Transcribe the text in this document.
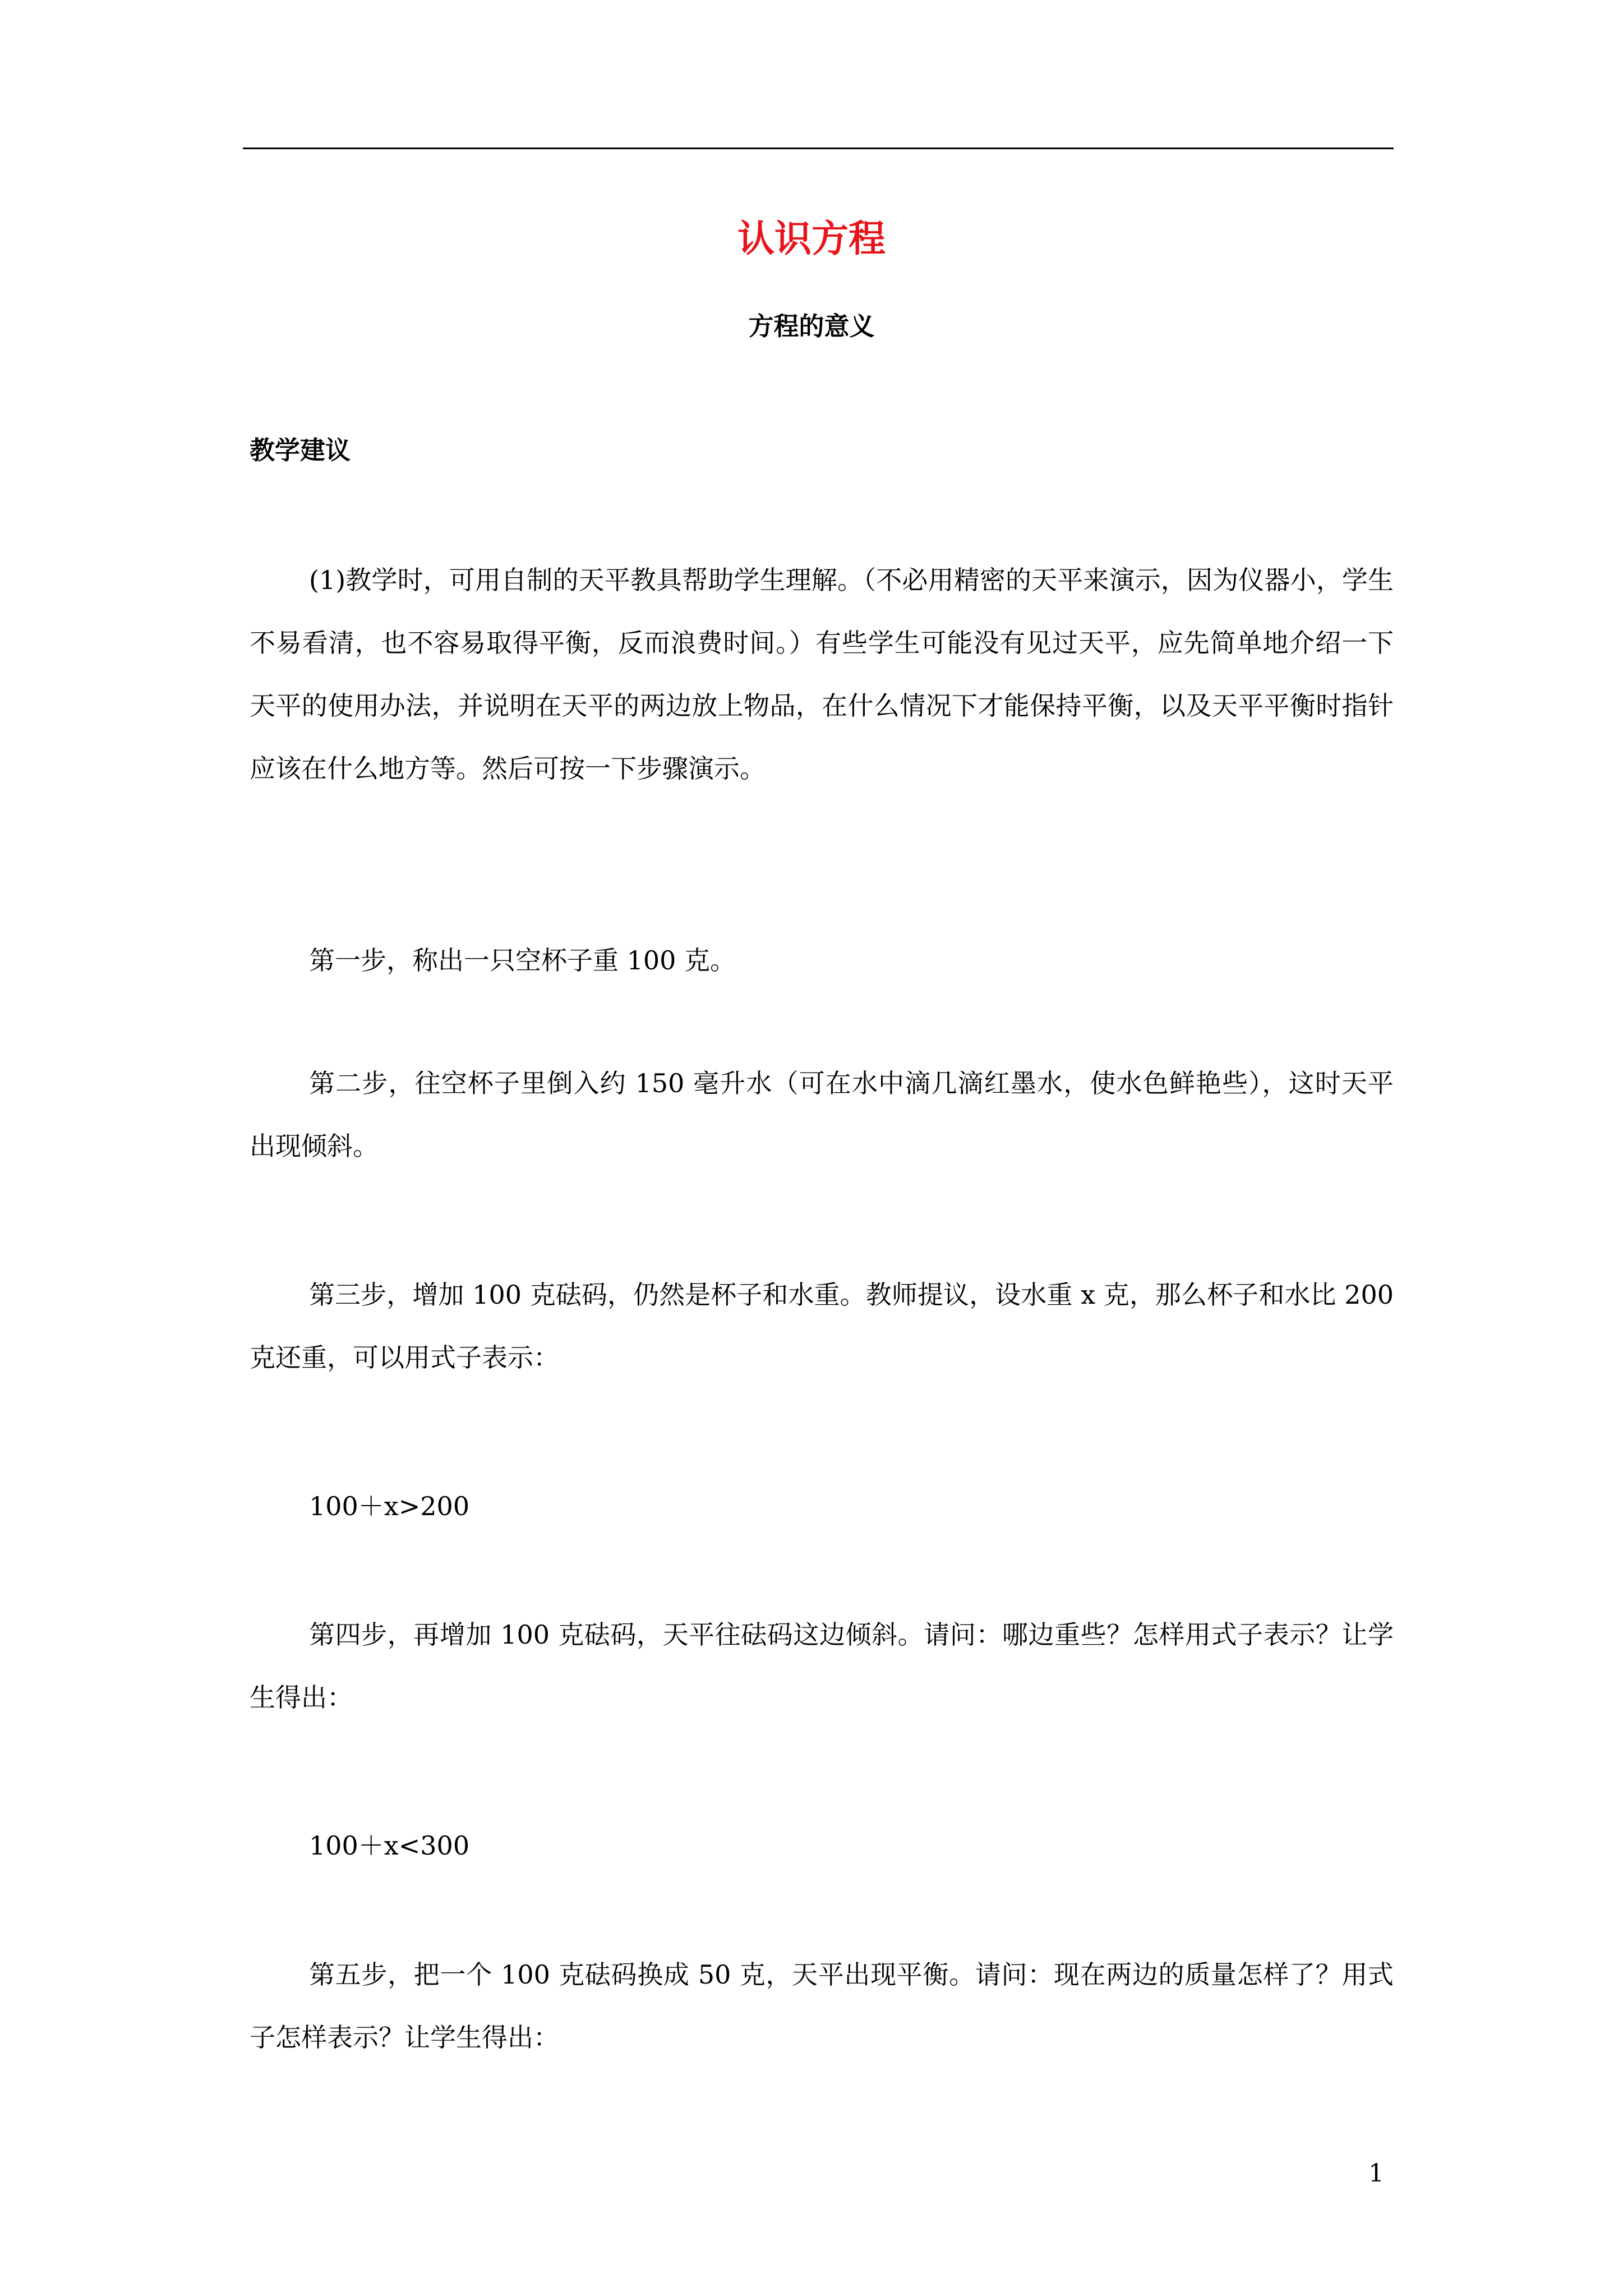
认识方程
方程的意义
教学建议

(1)教学时，可用自制的天平教具帮助学生理解。（不必用精密的天平来演示，因为仪器小，学生不易看清，也不容易取得平衡，反而浪费时间。）有些学生可能没有见过天平，应先简单地介绍一下天平的使用办法，并说明在天平的两边放上物品，在什么情况下才能保持平衡，以及天平平衡时指针应该在什么地方等。然后可按一下步骤演示。

第一步，称出一只空杯子重 100 克。

第二步，往空杯子里倒入约 150 毫升水（可在水中滴几滴红墨水，使水色鲜艳些），这时天平出现倾斜。

第三步，增加 100 克砝码，仍然是杯子和水重。教师提议，设水重 x 克，那么杯子和水比 200 克还重，可以用式子表示：

100＋x>200

第四步，再增加 100 克砝码，天平往砝码这边倾斜。请问：哪边重些？怎样用式子表示？让学生得出：

100＋x<300

第五步，把一个 100 克砝码换成 50 克，天平出现平衡。请问：现在两边的质量怎样了？用式子怎样表示？让学生得出：

1
